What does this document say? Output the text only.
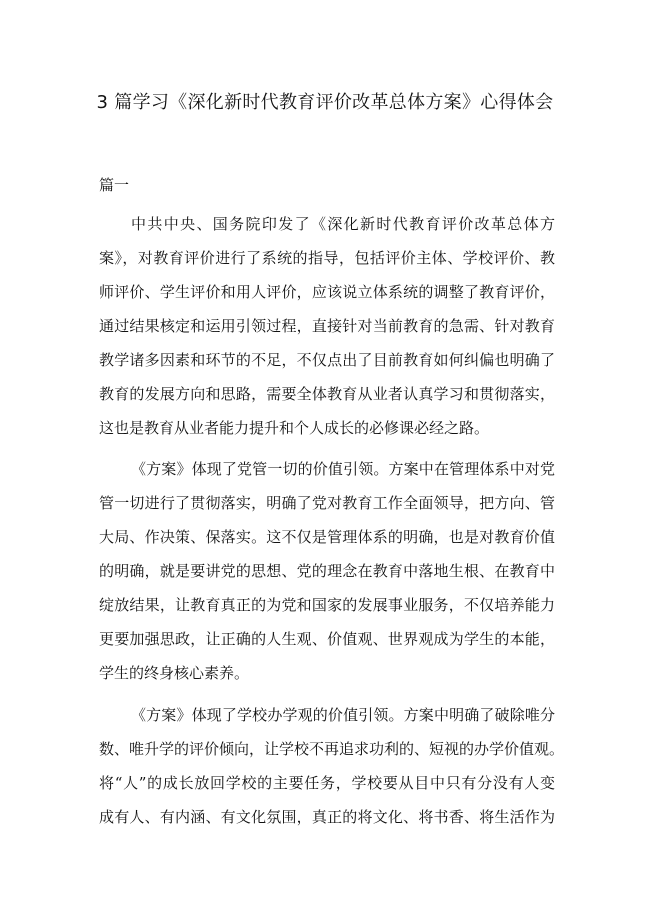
3 篇学习《深化新时代教育评价改革总体方案》心得体会

篇一

中共中央、国务院印发了《深化新时代教育评价改革总体方

案》，对教育评价进行了系统的指导，包括评价主体、学校评价、教

师评价、学生评价和用人评价，应该说立体系统的调整了教育评价，

通过结果核定和运用引领过程，直接针对当前教育的急需、针对教育

教学诸多因素和环节的不足，不仅点出了目前教育如何纠偏也明确了

教育的发展方向和思路，需要全体教育从业者认真学习和贯彻落实，

这也是教育从业者能力提升和个人成长的必修课必经之路。

《方案》体现了党管一切的价值引领。方案中在管理体系中对党

管一切进行了贯彻落实，明确了党对教育工作全面领导，把方向、管

大局、作决策、保落实。这不仅是管理体系的明确，也是对教育价值

的明确，就是要讲党的思想、党的理念在教育中落地生根、在教育中

绽放结果，让教育真正的为党和国家的发展事业服务，不仅培养能力

更要加强思政，让正确的人生观、价值观、世界观成为学生的本能，

学生的终身核心素养。

《方案》体现了学校办学观的价值引领。方案中明确了破除唯分

数、唯升学的评价倾向，让学校不再追求功利的、短视的办学价值观。

将“人”的成长放回学校的主要任务，学校要从目中只有分没有人变

成有人、有内涵、有文化氛围，真正的将文化、将书香、将生活作为
